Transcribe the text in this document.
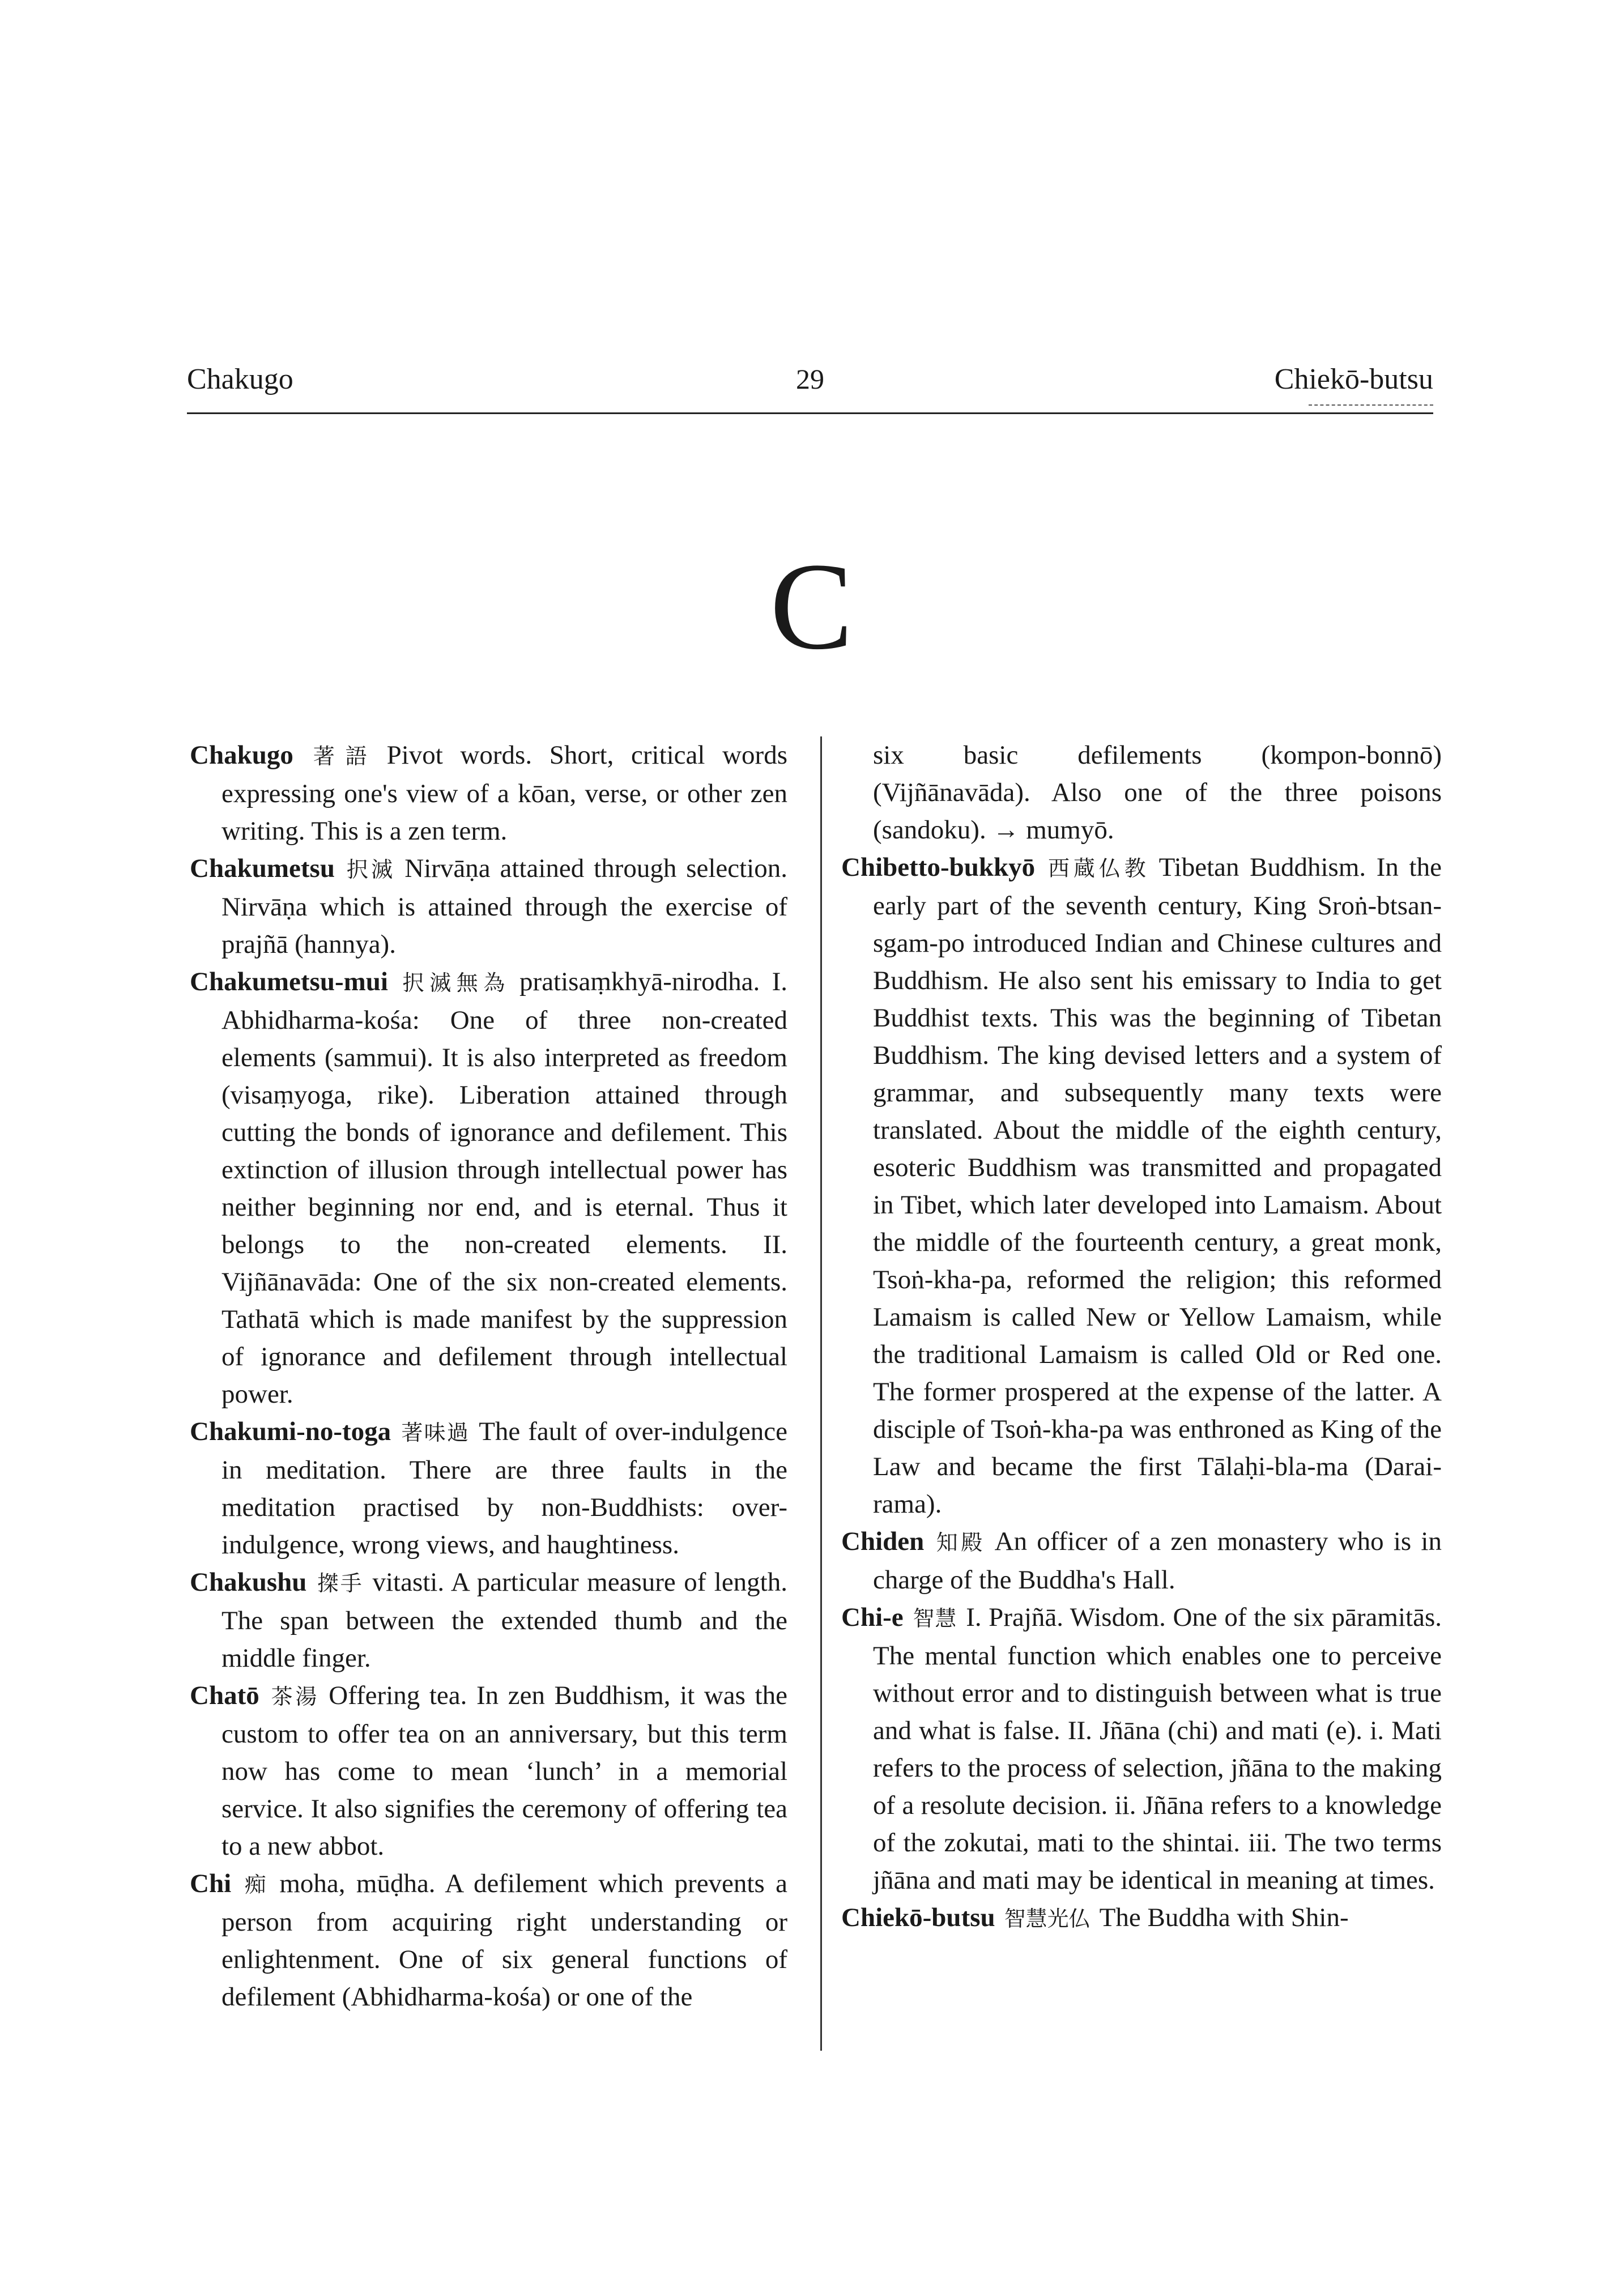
Chakugo	29	Chiekō-butsu
C

Chakugo 著語 Pivot words. Short, critical words expressing one's view of a kōan, verse, or other zen writing. This is a zen term.

Chakumetsu 択滅 Nirvāṇa attained through selection. Nirvāṇa which is attained through the exercise of prajñā (hannya).

Chakumetsu-mui 択滅無為 pratisaṃkhyā-nirodha. I. Abhidharma-kośa: One of three non-created elements (sammui). It is also interpreted as freedom (visaṃyoga, rike). Liberation attained through cutting the bonds of ignorance and defilement. This extinction of illusion through intellectual power has neither beginning nor end, and is eternal. Thus it belongs to the non-created elements. II. Vijñānavāda: One of the six non-created elements. Tathatā which is made manifest by the suppression of ignorance and defilement through intellectual power.

Chakumi-no-toga 著味過 The fault of over-indulgence in meditation. There are three faults in the meditation practised by non-Buddhists: over-indulgence, wrong views, and haughtiness.

Chakushu 搩手 vitasti. A particular measure of length. The span between the extended thumb and the middle finger.

Chatō 茶湯 Offering tea. In zen Buddhism, it was the custom to offer tea on an anniversary, but this term now has come to mean ‘lunch’ in a memorial service. It also signifies the ceremony of offering tea to a new abbot.

Chi 痴 moha, mūḍha. A defilement which prevents a person from acquiring right understanding or enlightenment. One of six general functions of defilement (Abhidharma-kośa) or one of the

six basic defilements (kompon-bonnō) (Vijñānavāda). Also one of the three poisons (sandoku). → mumyō.

Chibetto-bukkyō 西蔵仏教 Tibetan Buddhism. In the early part of the seventh century, King Sroṅ-btsan-sgam-po introduced Indian and Chinese cultures and Buddhism. He also sent his emissary to India to get Buddhist texts. This was the beginning of Tibetan Buddhism. The king devised letters and a system of grammar, and subsequently many texts were translated. About the middle of the eighth century, esoteric Buddhism was transmitted and propagated in Tibet, which later developed into Lamaism. About the middle of the fourteenth century, a great monk, Tsoṅ-kha-pa, reformed the religion; this reformed Lamaism is called New or Yellow Lamaism, while the traditional Lamaism is called Old or Red one. The former prospered at the expense of the latter. A disciple of Tsoṅ-kha-pa was enthroned as King of the Law and became the first Tālaḥi-bla-ma (Darai-rama).

Chiden 知殿 An officer of a zen monastery who is in charge of the Buddha's Hall.

Chi-e 智慧 I. Prajñā. Wisdom. One of the six pāramitās. The mental function which enables one to perceive without error and to distinguish between what is true and what is false. II. Jñāna (chi) and mati (e). i. Mati refers to the process of selection, jñāna to the making of a resolute decision. ii. Jñāna refers to a knowledge of the zokutai, mati to the shintai. iii. The two terms jñāna and mati may be identical in meaning at times.

Chiekō-butsu 智慧光仏 The Buddha with Shin-
